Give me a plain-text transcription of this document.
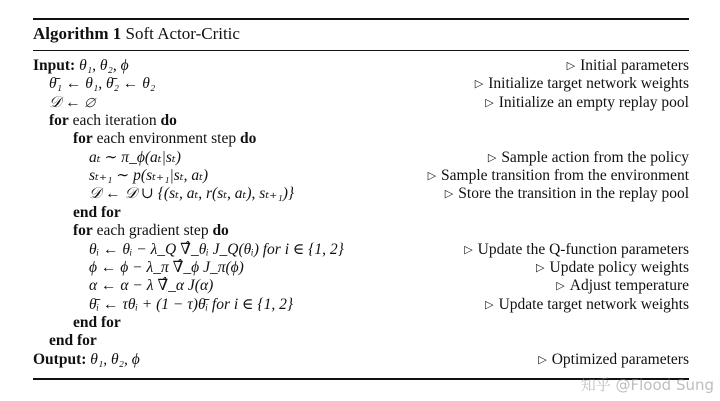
Algorithm 1 Soft Actor-Critic
Input: θ₁, θ₂, ϕ	▷ Initial parameters
θ̄₁ ← θ₁, θ̄₂ ← θ₂	▷ Initialize target network weights
𝒟 ← ∅	▷ Initialize an empty replay pool
for each iteration do
for each environment step do
aₜ ∼ π_ϕ(aₜ|sₜ)	▷ Sample action from the policy
sₜ₊₁ ∼ p(sₜ₊₁|sₜ, aₜ)	▷ Sample transition from the environment
𝒟 ← 𝒟 ∪ {(sₜ, aₜ, r(sₜ, aₜ), sₜ₊₁)}	▷ Store the transition in the replay pool
end for
for each gradient step do
θᵢ ← θᵢ − λ_Q ∇̂_θᵢ J_Q(θᵢ) for i ∈ {1, 2}	▷ Update the Q-function parameters
ϕ ← ϕ − λ_π ∇̂_ϕ J_π(ϕ)	▷ Update policy weights
α ← α − λ ∇̂_α J(α)	▷ Adjust temperature
θ̄ᵢ ← τθᵢ + (1 − τ)θ̄ᵢ for i ∈ {1, 2}	▷ Update target network weights
end for
end for
Output: θ₁, θ₂, ϕ	▷ Optimized parameters
知乎 @Flood Sung
